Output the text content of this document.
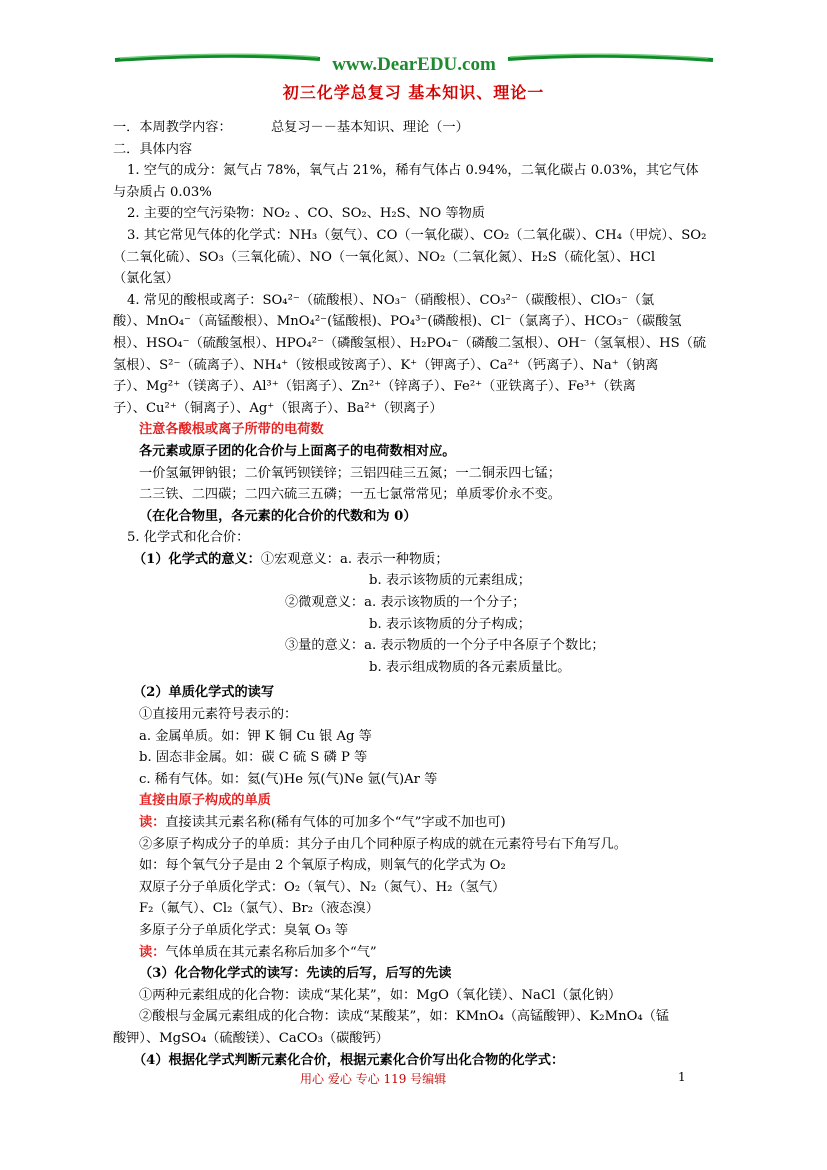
www.DearEDU.com
初三化学总复习 基本知识、理论一

一．本周教学内容：	总复习－－基本知识、理论（一）

二．具体内容

1. 空气的成分：氮气占 78%，氧气占 21%，稀有气体占 0.94%，二氧化碳占 0.03%，其它气体

与杂质占 0.03%

2. 主要的空气污染物：NO₂ 、CO、SO₂、H₂S、NO 等物质

3. 其它常见气体的化学式：NH₃（氨气）、CO（一氧化碳）、CO₂（二氧化碳）、CH₄（甲烷）、SO₂

（二氧化硫）、SO₃（三氧化硫）、NO（一氧化氮）、NO₂（二氧化氮）、H₂S（硫化氢）、HCl

（氯化氢）

4. 常见的酸根或离子：SO₄²⁻（硫酸根）、NO₃⁻（硝酸根）、CO₃²⁻（碳酸根）、ClO₃⁻（氯

酸）、MnO₄⁻（高锰酸根）、MnO₄²⁻(锰酸根)、PO₄³⁻(磷酸根)、Cl⁻（氯离子）、HCO₃⁻（碳酸氢

根）、HSO₄⁻（硫酸氢根）、HPO₄²⁻（磷酸氢根）、H₂PO₄⁻（磷酸二氢根）、OH⁻（氢氧根）、HS（硫

氢根）、S²⁻（硫离子）、NH₄⁺（铵根或铵离子）、K⁺（钾离子）、Ca²⁺（钙离子）、Na⁺（钠离

子）、Mg²⁺（镁离子）、Al³⁺（铝离子）、Zn²⁺（锌离子）、Fe²⁺（亚铁离子）、Fe³⁺（铁离

子）、Cu²⁺（铜离子）、Ag⁺（银离子）、Ba²⁺（钡离子）

注意各酸根或离子所带的电荷数

各元素或原子团的化合价与上面离子的电荷数相对应。

一价氢氟钾钠银；二价氧钙钡镁锌；三铝四硅三五氮；一二铜汞四七锰；

二三铁、二四碳；二四六硫三五磷；一五七氯常常见；单质零价永不变。

（在化合物里，各元素的化合价的代数和为 0）

5. 化学式和化合价：

（1）化学式的意义：①宏观意义：a. 表示一种物质；

b. 表示该物质的元素组成；

②微观意义：a. 表示该物质的一个分子；

b. 表示该物质的分子构成；

③量的意义：a. 表示物质的一个分子中各原子个数比；

b. 表示组成物质的各元素质量比。

（2）单质化学式的读写

①直接用元素符号表示的：

a. 金属单质。如：钾 K 铜 Cu 银 Ag 等

b. 固态非金属。如：碳 C 硫 S 磷 P 等

c. 稀有气体。如：氦(气)He 氖(气)Ne 氩(气)Ar 等

直接由原子构成的单质

读：直接读其元素名称(稀有气体的可加多个“气”字或不加也可)

②多原子构成分子的单质：其分子由几个同种原子构成的就在元素符号右下角写几。

如：每个氧气分子是由 2 个氧原子构成，则氧气的化学式为 O₂

双原子分子单质化学式：O₂（氧气）、N₂（氮气）、H₂（氢气）

F₂（氟气）、Cl₂（氯气）、Br₂（液态溴）

多原子分子单质化学式：臭氧 O₃ 等

读：气体单质在其元素名称后加多个“气”

（3）化合物化学式的读写：先读的后写，后写的先读

①两种元素组成的化合物：读成“某化某”，如：MgO（氧化镁）、NaCl（氯化钠）

②酸根与金属元素组成的化合物：读成“某酸某”，如：KMnO₄（高锰酸钾）、K₂MnO₄（锰

酸钾）、MgSO₄（硫酸镁）、CaCO₃（碳酸钙）

（4）根据化学式判断元素化合价，根据元素化合价写出化合物的化学式：

用心 爱心 专心 119 号编辑	1
